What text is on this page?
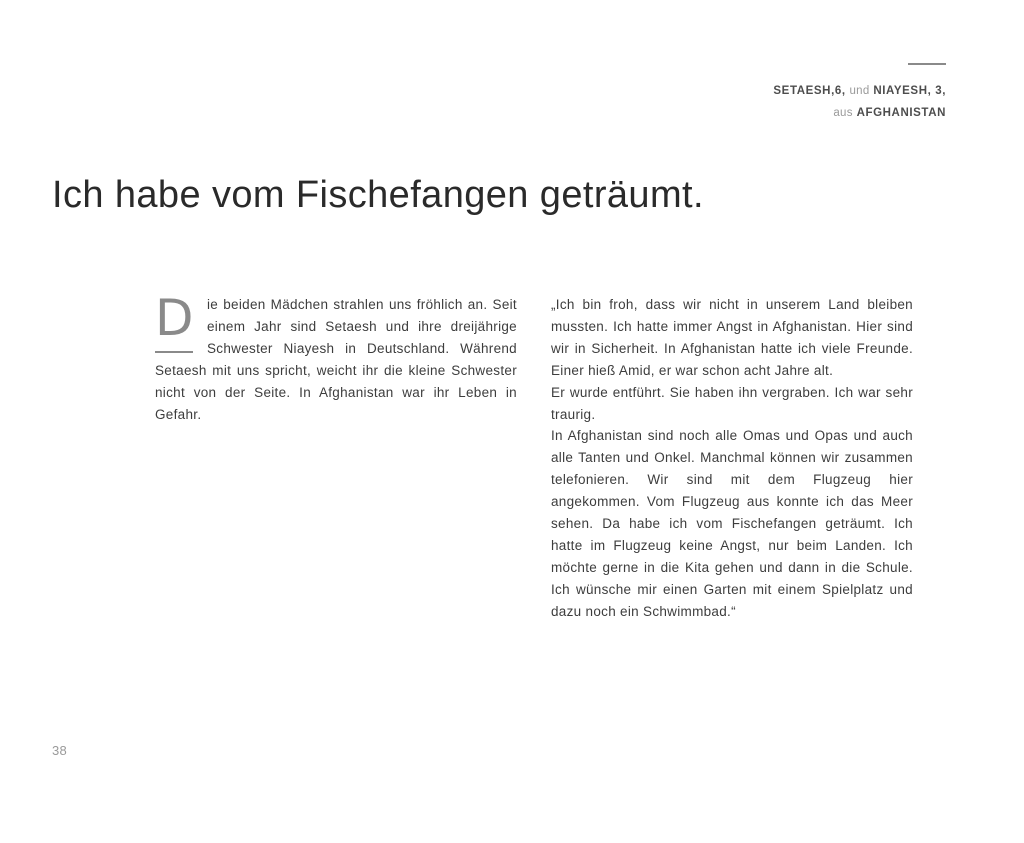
SETAESH,6, und NIAYESH, 3,
aus AFGHANISTAN
Ich habe vom Fischefangen geträumt.
D ie beiden Mädchen strahlen uns fröhlich an. Seit einem Jahr sind Setaesh und ihre dreijährige Schwester Niayesh in Deutschland. Während Setaesh mit uns spricht, weicht ihr die kleine Schwester nicht von der Seite. In Afghanistan war ihr Leben in Gefahr.

„Ich bin froh, dass wir nicht in unserem Land bleiben mussten. Ich hatte immer Angst in Afghanistan. Hier sind wir in Sicherheit. In Afghanistan hatte ich viele Freunde. Einer hieß Amid, er war schon acht Jahre alt.

Er wurde entführt. Sie haben ihn vergraben. Ich war sehr traurig.

In Afghanistan sind noch alle Omas und Opas und auch alle Tanten und Onkel. Manchmal können wir zusammen telefonieren. Wir sind mit dem Flugzeug hier angekommen. Vom Flugzeug aus konnte ich das Meer sehen. Da habe ich vom Fischefangen geträumt. Ich hatte im Flugzeug keine Angst, nur beim Landen. Ich möchte gerne in die Kita gehen und dann in die Schule. Ich wünsche mir einen Garten mit einem Spielplatz und dazu noch ein Schwimmbad.“

38
